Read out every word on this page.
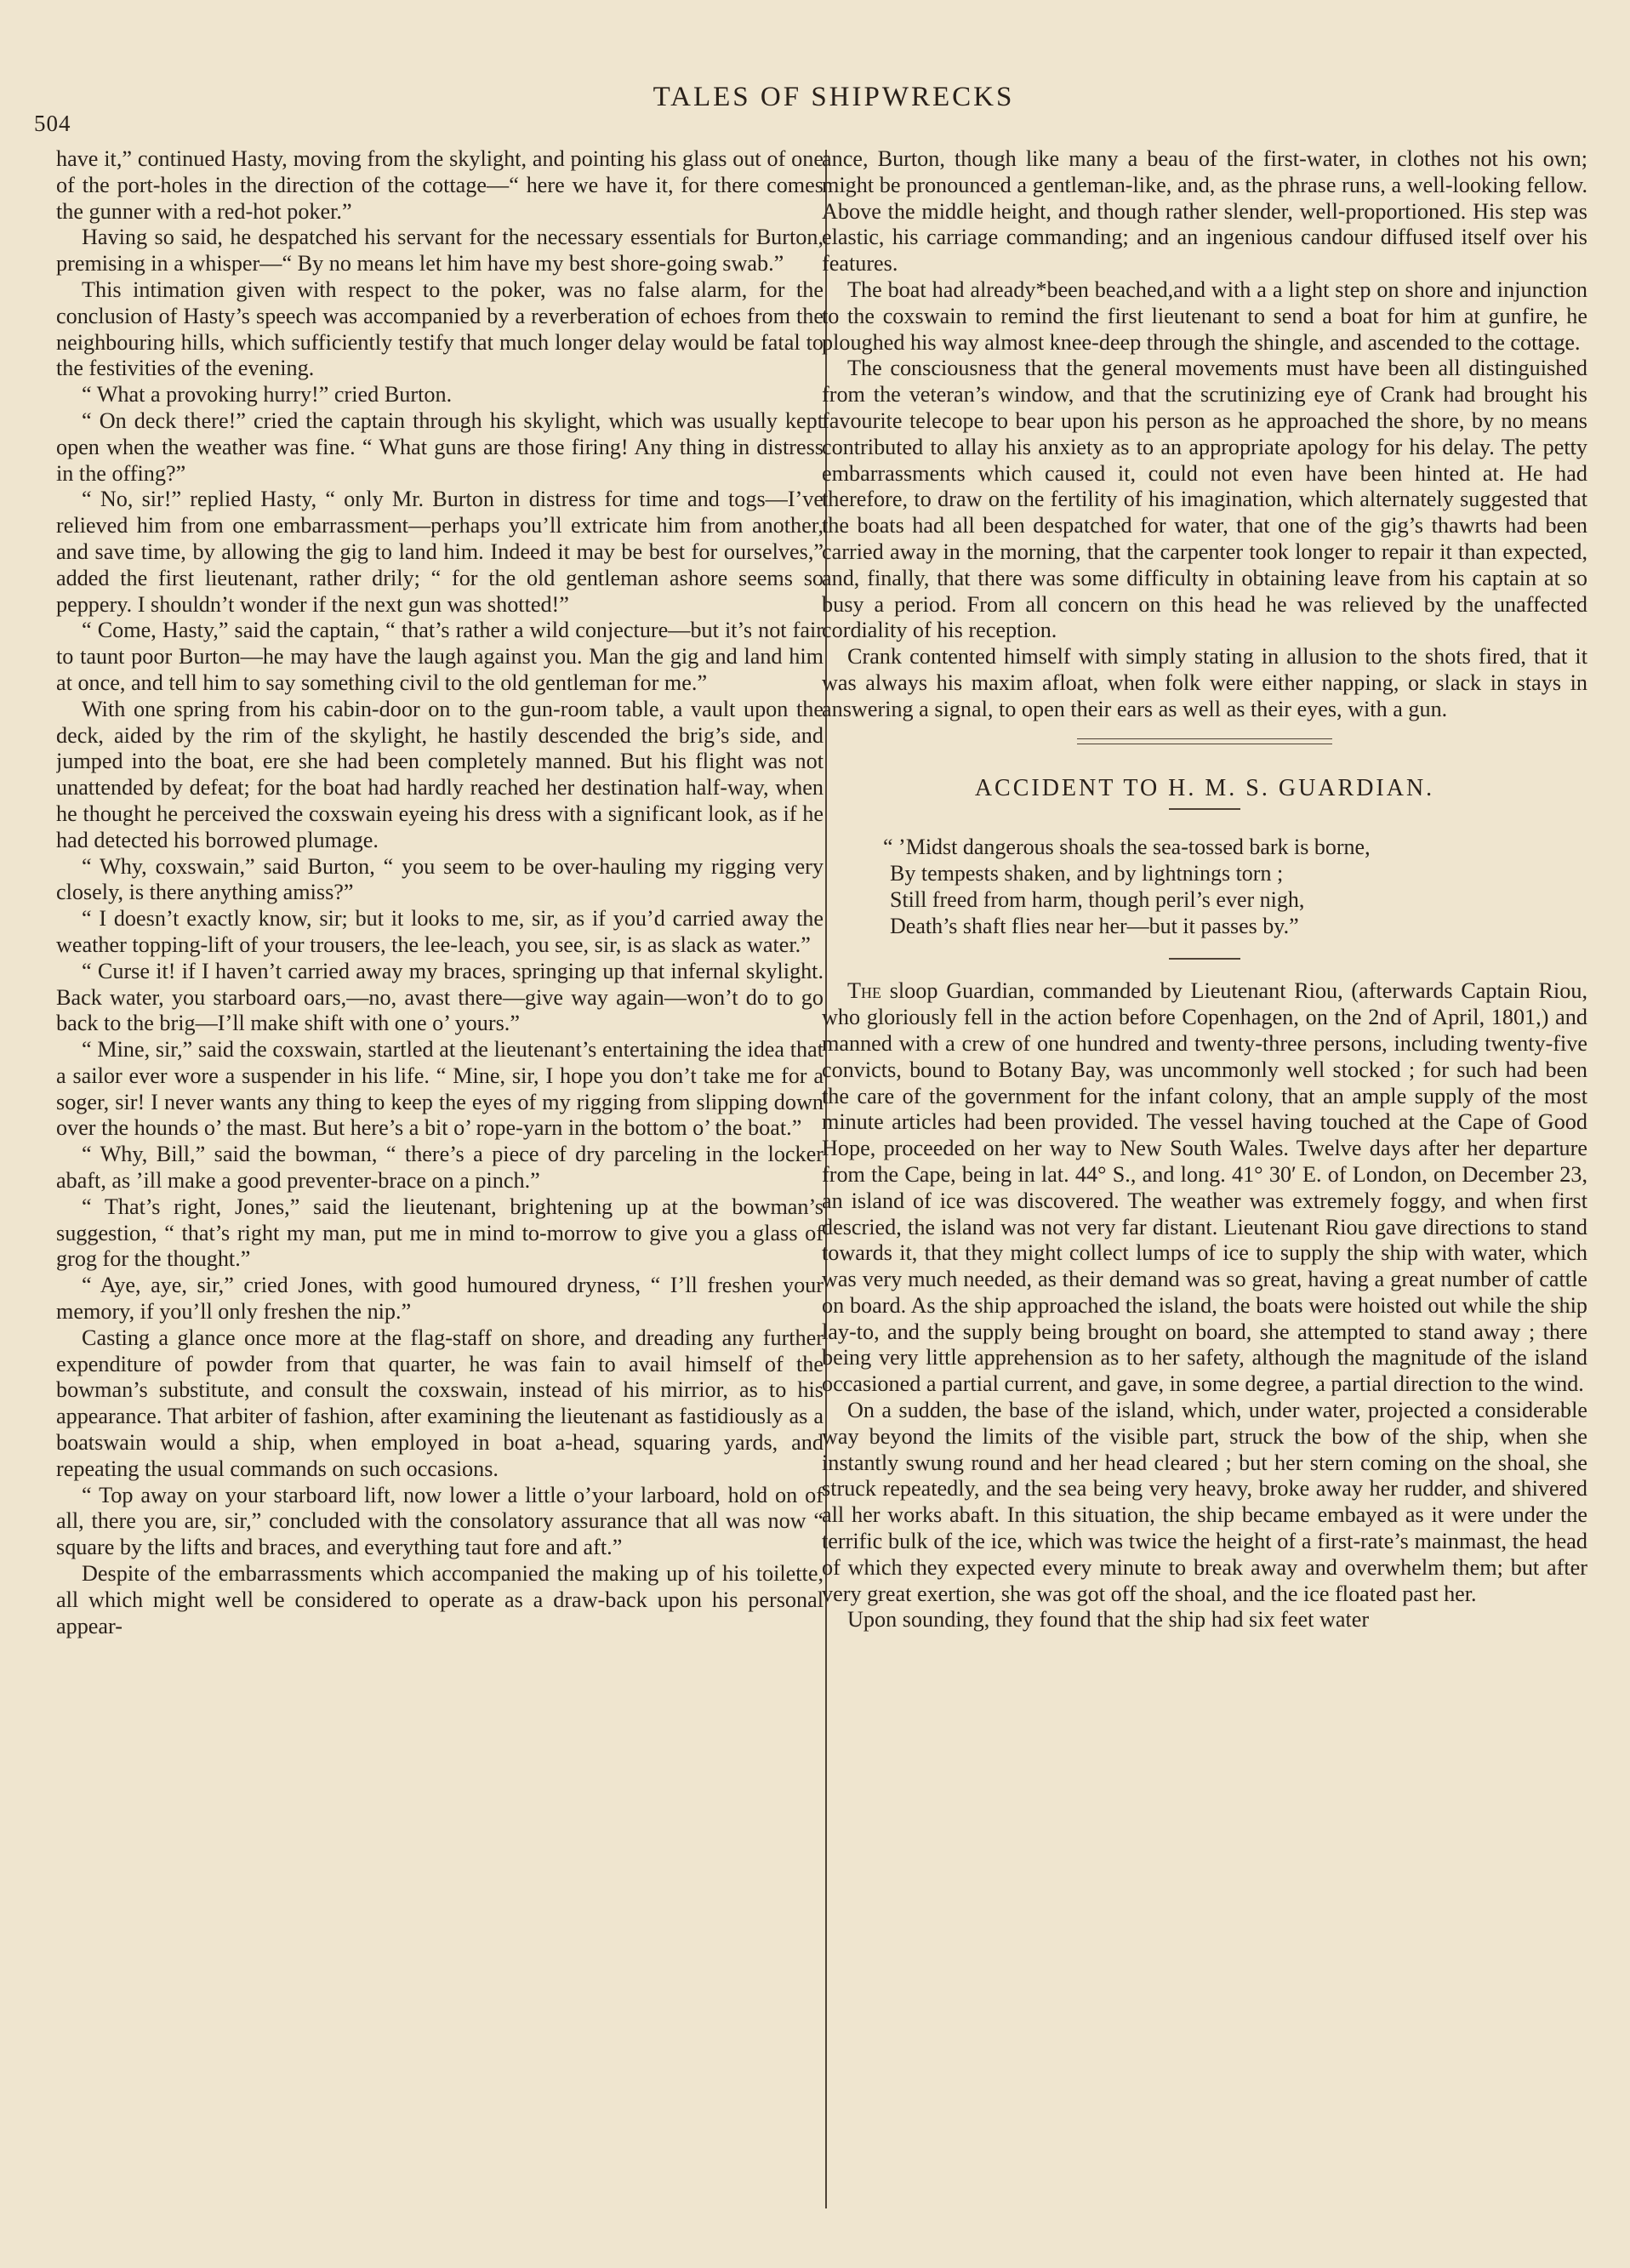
504
TALES OF SHIPWRECKS

have it,” continued Hasty, moving from the skylight, and pointing his glass out of one of the port-holes in the direction of the cottage—“ here we have it, for there comes the gunner with a red-hot poker.”

Having so said, he despatched his servant for the necessary essentials for Burton, premising in a whisper—“ By no means let him have my best shore-going swab.”

This intimation given with respect to the poker, was no false alarm, for the conclusion of Hasty’s speech was accompanied by a reverberation of echoes from the neighbouring hills, which sufficiently testify that much longer delay would be fatal to the festivities of the evening.

“ What a provoking hurry!” cried Burton.

“ On deck there!” cried the captain through his skylight, which was usually kept open when the weather was fine. “ What guns are those firing! Any thing in distress in the offing?”

“ No, sir!” replied Hasty, “ only Mr. Burton in distress for time and togs—I’ve relieved him from one embarrassment—perhaps you’ll extricate him from another, and save time, by allowing the gig to land him. Indeed it may be best for ourselves,” added the first lieutenant, rather drily; “ for the old gentleman ashore seems so peppery. I shouldn’t wonder if the next gun was shotted!”

“ Come, Hasty,” said the captain, “ that’s rather a wild conjecture—but it’s not fair to taunt poor Burton—he may have the laugh against you. Man the gig and land him at once, and tell him to say something civil to the old gentleman for me.”

With one spring from his cabin-door on to the gun-room table, a vault upon the deck, aided by the rim of the skylight, he hastily descended the brig’s side, and jumped into the boat, ere she had been completely manned. But his flight was not unattended by defeat; for the boat had hardly reached her destination half-way, when he thought he perceived the coxswain eyeing his dress with a significant look, as if he had detected his borrowed plumage.

“ Why, coxswain,” said Burton, “ you seem to be over-hauling my rigging very closely, is there anything amiss?”

“ I doesn’t exactly know, sir; but it looks to me, sir, as if you’d carried away the weather topping-lift of your trousers, the lee-leach, you see, sir, is as slack as water.”

“ Curse it! if I haven’t carried away my braces, springing up that infernal skylight. Back water, you starboard oars,—no, avast there—give way again—won’t do to go back to the brig—I’ll make shift with one o’ yours.”

“ Mine, sir,” said the coxswain, startled at the lieutenant’s entertaining the idea that a sailor ever wore a suspender in his life. “ Mine, sir, I hope you don’t take me for a soger, sir! I never wants any thing to keep the eyes of my rigging from slipping down over the hounds o’ the mast. But here’s a bit o’ rope-yarn in the bottom o’ the boat.”

“ Why, Bill,” said the bowman, “ there’s a piece of dry parceling in the locker abaft, as ’ill make a good preventer-brace on a pinch.”

“ That’s right, Jones,” said the lieutenant, brightening up at the bowman’s suggestion, “ that’s right my man, put me in mind to-morrow to give you a glass of grog for the thought.”

“ Aye, aye, sir,” cried Jones, with good humoured dryness, “ I’ll freshen your memory, if you’ll only freshen the nip.”

Casting a glance once more at the flag-staff on shore, and dreading any further expenditure of powder from that quarter, he was fain to avail himself of the bowman’s substitute, and consult the coxswain, instead of his mirrior, as to his appearance. That arbiter of fashion, after examining the lieutenant as fastidiously as a boatswain would a ship, when employed in boat a-head, squaring yards, and repeating the usual commands on such occasions.

“ Top away on your starboard lift, now lower a little o’your larboard, hold on of all, there you are, sir,” concluded with the consolatory assurance that all was now “ square by the lifts and braces, and everything taut fore and aft.”

Despite of the embarrassments which accompanied the making up of his toilette, all which might well be considered to operate as a draw-back upon his personal appear-

ance, Burton, though like many a beau of the first-water, in clothes not his own; might be pronounced a gentleman-like, and, as the phrase runs, a well-looking fellow. Above the middle height, and though rather slender, well-proportioned. His step was elastic, his carriage commanding; and an ingenious candour diffused itself over his features.

The boat had already*been beached,and with a a light step on shore and injunction to the coxswain to remind the first lieutenant to send a boat for him at gunfire, he ploughed his way almost knee-deep through the shingle, and ascended to the cottage.

The consciousness that the general movements must have been all distinguished from the veteran’s window, and that the scrutinizing eye of Crank had brought his favourite telecope to bear upon his person as he approached the shore, by no means contributed to allay his anxiety as to an appropriate apology for his delay. The petty embarrassments which caused it, could not even have been hinted at. He had therefore, to draw on the fertility of his imagination, which alternately suggested that the boats had all been despatched for water, that one of the gig’s thawrts had been carried away in the morning, that the carpenter took longer to repair it than expected, and, finally, that there was some difficulty in obtaining leave from his captain at so busy a period. From all concern on this head he was relieved by the unaffected cordiality of his reception.

Crank contented himself with simply stating in allusion to the shots fired, that it was always his maxim afloat, when folk were either napping, or slack in stays in answering a signal, to open their ears as well as their eyes, with a gun.

ACCIDENT TO H. M. S. GUARDIAN.
“ ’Midst dangerous shoals the sea-tossed bark is borne,
By tempests shaken, and by lightnings torn ;
Still freed from harm, though peril’s ever nigh,
Death’s shaft flies near her—but it passes by.”

The sloop Guardian, commanded by Lieutenant Riou, (afterwards Captain Riou, who gloriously fell in the action before Copenhagen, on the 2nd of April, 1801,) and manned with a crew of one hundred and twenty-three persons, including twenty-five convicts, bound to Botany Bay, was uncommonly well stocked ; for such had been the care of the government for the infant colony, that an ample supply of the most minute articles had been provided. The vessel having touched at the Cape of Good Hope, proceeded on her way to New South Wales. Twelve days after her departure from the Cape, being in lat. 44° S., and long. 41° 30′ E. of London, on December 23, an island of ice was discovered. The weather was extremely foggy, and when first descried, the island was not very far distant. Lieutenant Riou gave directions to stand towards it, that they might collect lumps of ice to supply the ship with water, which was very much needed, as their demand was so great, having a great number of cattle on board. As the ship approached the island, the boats were hoisted out while the ship lay-to, and the supply being brought on board, she attempted to stand away ; there being very little apprehension as to her safety, although the magnitude of the island occasioned a partial current, and gave, in some degree, a partial direction to the wind.

On a sudden, the base of the island, which, under water, projected a considerable way beyond the limits of the visible part, struck the bow of the ship, when she instantly swung round and her head cleared ; but her stern coming on the shoal, she struck repeatedly, and the sea being very heavy, broke away her rudder, and shivered all her works abaft. In this situation, the ship became embayed as it were under the terrific bulk of the ice, which was twice the height of a first-rate’s mainmast, the head of which they expected every minute to break away and overwhelm them; but after very great exertion, she was got off the shoal, and the ice floated past her.

Upon sounding, they found that the ship had six feet water
